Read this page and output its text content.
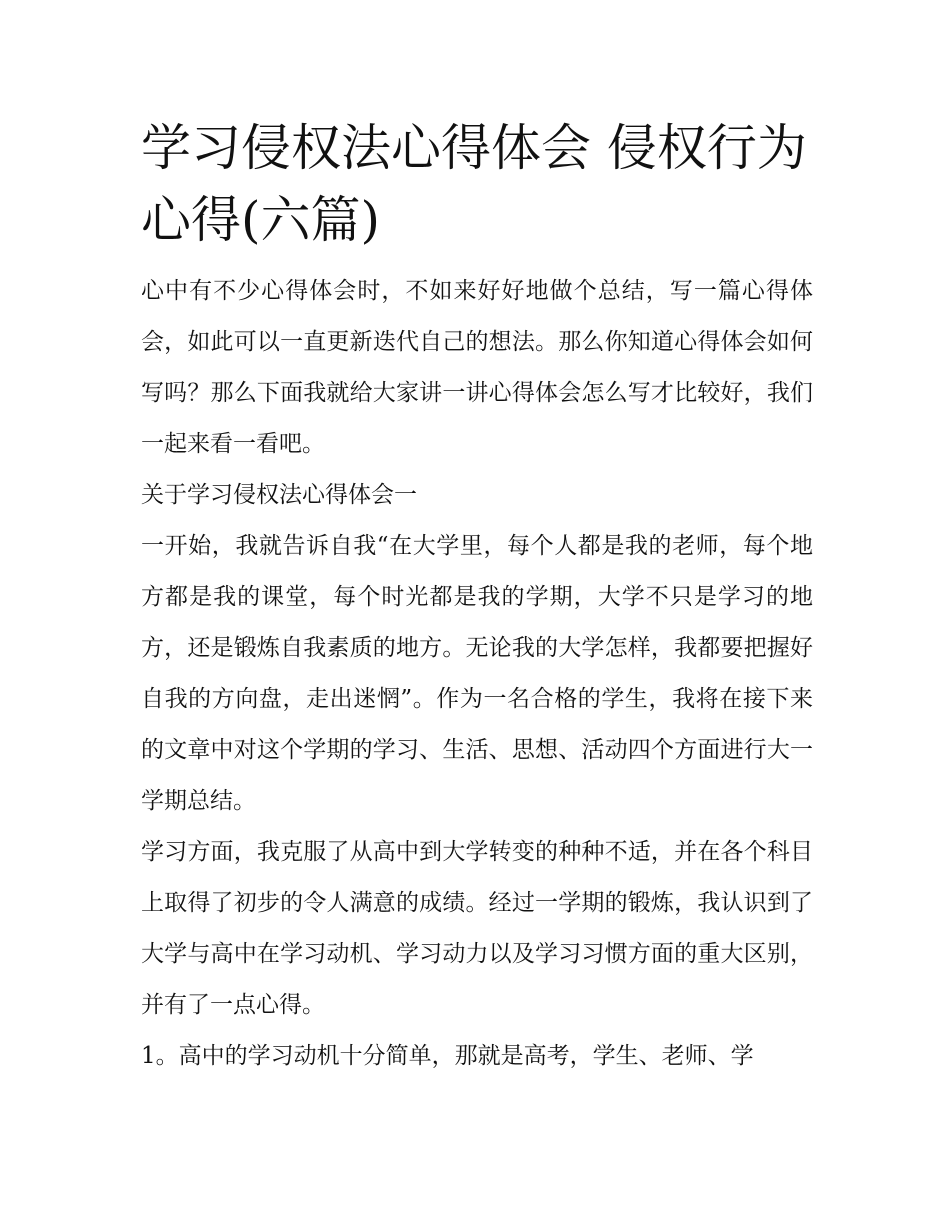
学习侵权法心得体会 侵权行为心得(六篇)

心中有不少心得体会时，不如来好好地做个总结，写一篇心得体会，如此可以一直更新迭代自己的想法。那么你知道心得体会如何写吗？那么下面我就给大家讲一讲心得体会怎么写才比较好，我们一起来看一看吧。

关于学习侵权法心得体会一

一开始，我就告诉自我“在大学里，每个人都是我的老师，每个地方都是我的课堂，每个时光都是我的学期，大学不只是学习的地方，还是锻炼自我素质的地方。无论我的大学怎样，我都要把握好自我的方向盘，走出迷惘”。作为一名合格的学生，我将在接下来的文章中对这个学期的学习、生活、思想、活动四个方面进行大一学期总结。

学习方面，我克服了从高中到大学转变的种种不适，并在各个科目上取得了初步的令人满意的成绩。经过一学期的锻炼，我认识到了大学与高中在学习动机、学习动力以及学习习惯方面的重大区别，并有了一点心得。

1。高中的学习动机十分简单，那就是高考，学生、老师、学
